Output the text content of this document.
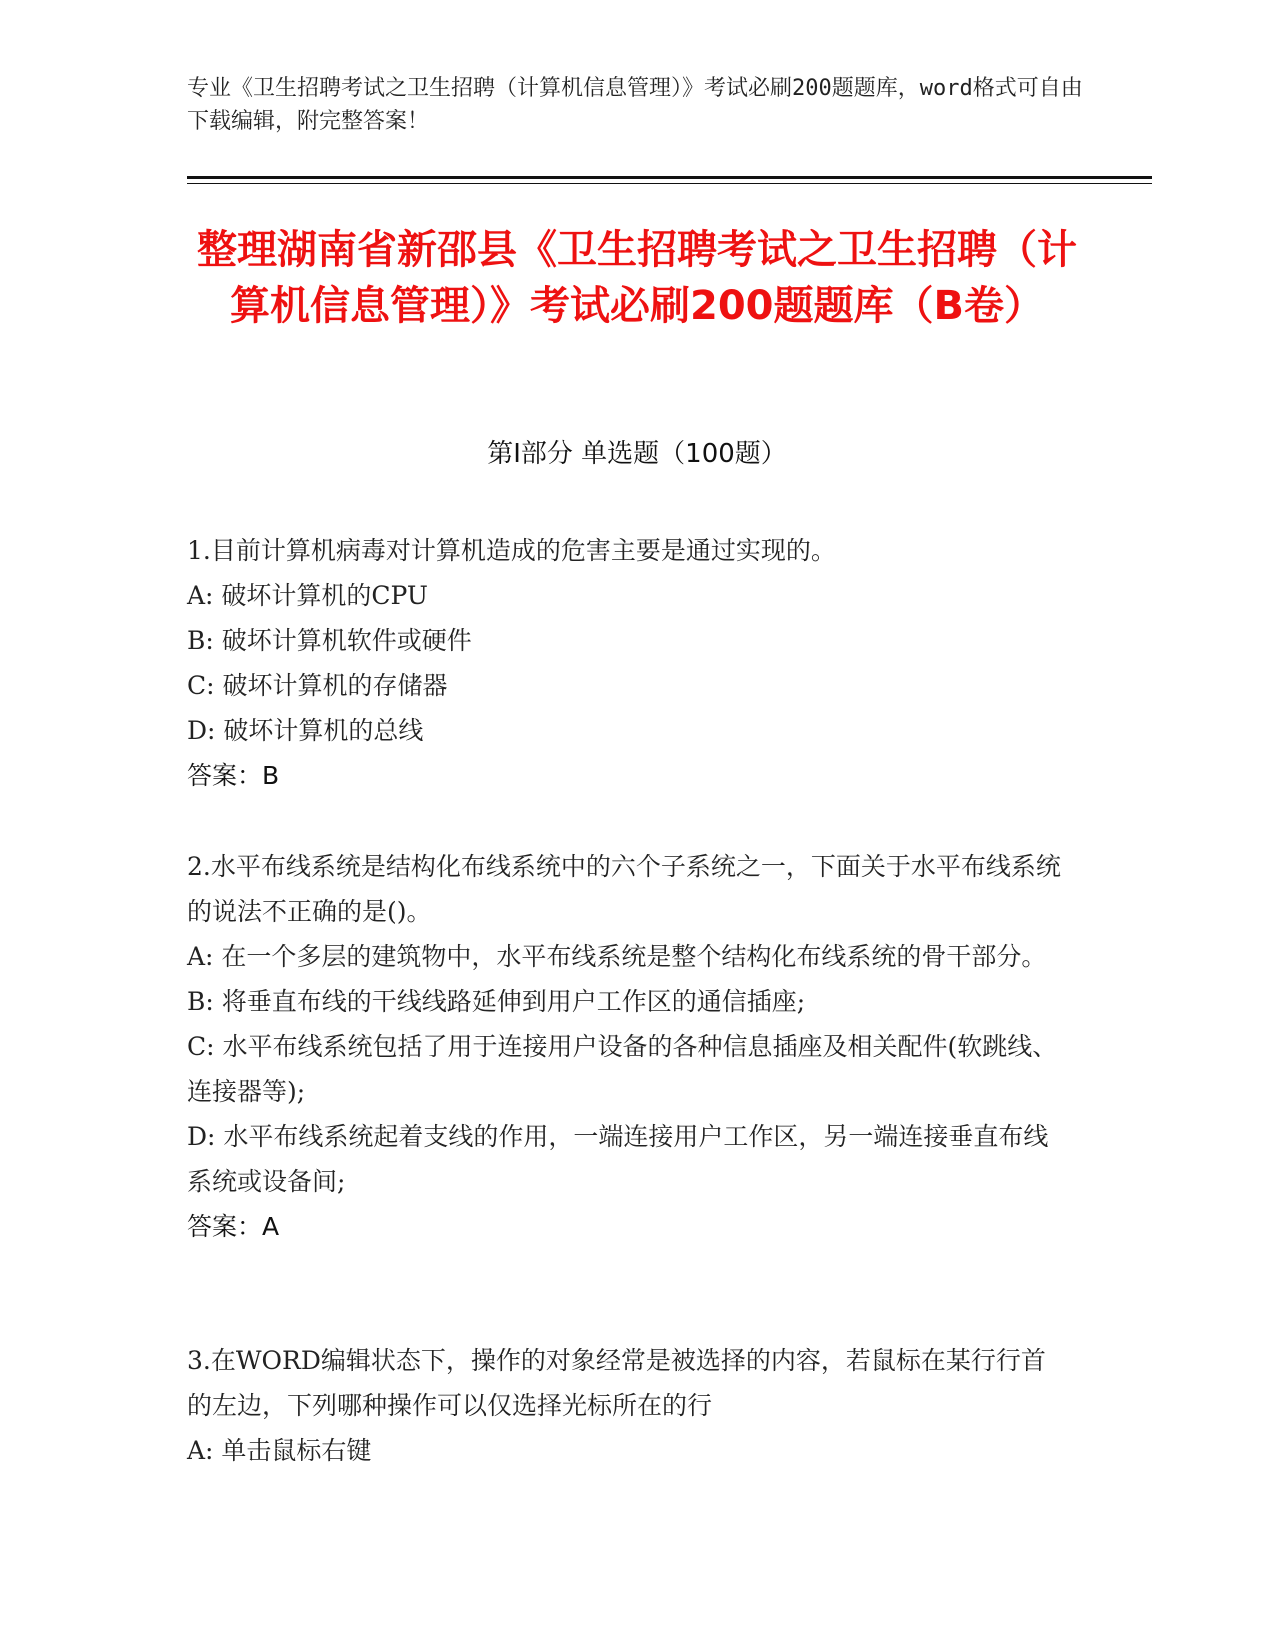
专业《卫生招聘考试之卫生招聘（计算机信息管理）》考试必刷200题题库，word格式可自由下载编辑，附完整答案！
整理湖南省新邵县《卫生招聘考试之卫生招聘（计算机信息管理）》考试必刷200题题库（B卷）
第I部分 单选题（100题）
1.目前计算机病毒对计算机造成的危害主要是通过实现的。
A: 破坏计算机的CPU
B: 破坏计算机软件或硬件
C: 破坏计算机的存储器
D: 破坏计算机的总线
答案：B
2.水平布线系统是结构化布线系统中的六个子系统之一，下面关于水平布线系统的说法不正确的是()。
A: 在一个多层的建筑物中，水平布线系统是整个结构化布线系统的骨干部分。
B: 将垂直布线的干线线路延伸到用户工作区的通信插座;
C: 水平布线系统包括了用于连接用户设备的各种信息插座及相关配件(软跳线、连接器等);
D: 水平布线系统起着支线的作用，一端连接用户工作区，另一端连接垂直布线系统或设备间;
答案：A
3.在WORD编辑状态下，操作的对象经常是被选择的内容，若鼠标在某行行首的左边，下列哪种操作可以仅选择光标所在的行
A: 单击鼠标右键
